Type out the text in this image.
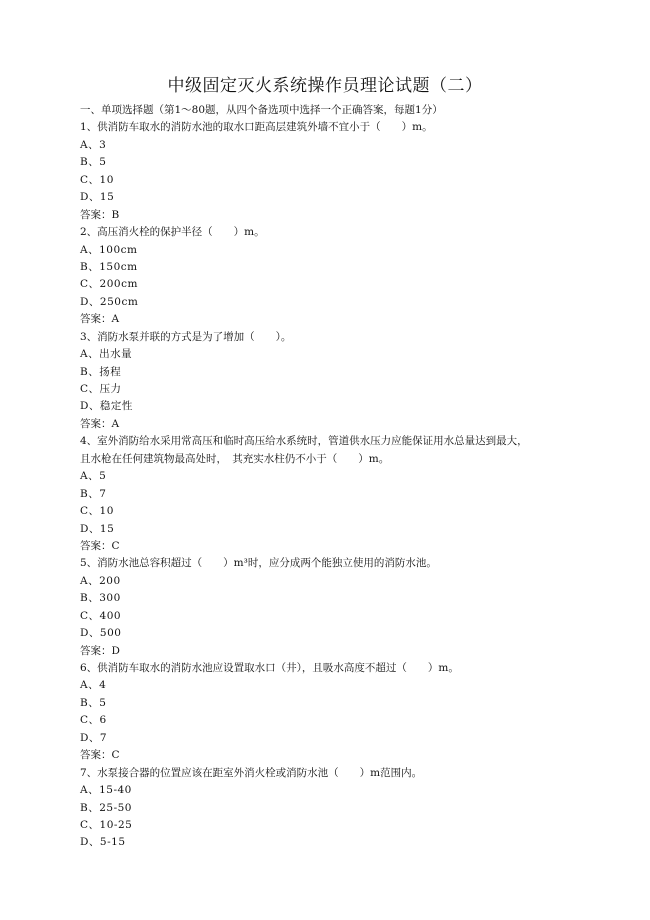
中级固定灭火系统操作员理论试题（二）
一、单项选择题（第1～80题，从四个备选项中选择一个正确答案，每题1分）
1、供消防车取水的消防水池的取水口距高层建筑外墙不宜小于（　　）m。
A、3
B、5
C、10
D、15
答案：B
2、高压消火栓的保护半径（　　）m。
A、100cm
B、150cm
C、200cm
D、250cm
答案：A
3、消防水泵并联的方式是为了增加（　　）。
A、出水量
B、扬程
C、压力
D、稳定性
答案：A
4、室外消防给水采用常高压和临时高压给水系统时，管道供水压力应能保证用水总量达到最大，
且水枪在任何建筑物最高处时，　其充实水柱仍不小于（　　）m。
A、5
B、7
C、10
D、15
答案：C
5、消防水池总容积超过（　　）m³时，应分成两个能独立使用的消防水池。
A、200
B、300
C、400
D、500
答案：D
6、供消防车取水的消防水池应设置取水口（井），且吸水高度不超过（　　）m。
A、4
B、5
C、6
D、7
答案：C
7、水泵接合器的位置应该在距室外消火栓或消防水池（　　）m范围内。
A、15-40
B、25-50
C、10-25
D、5-15
